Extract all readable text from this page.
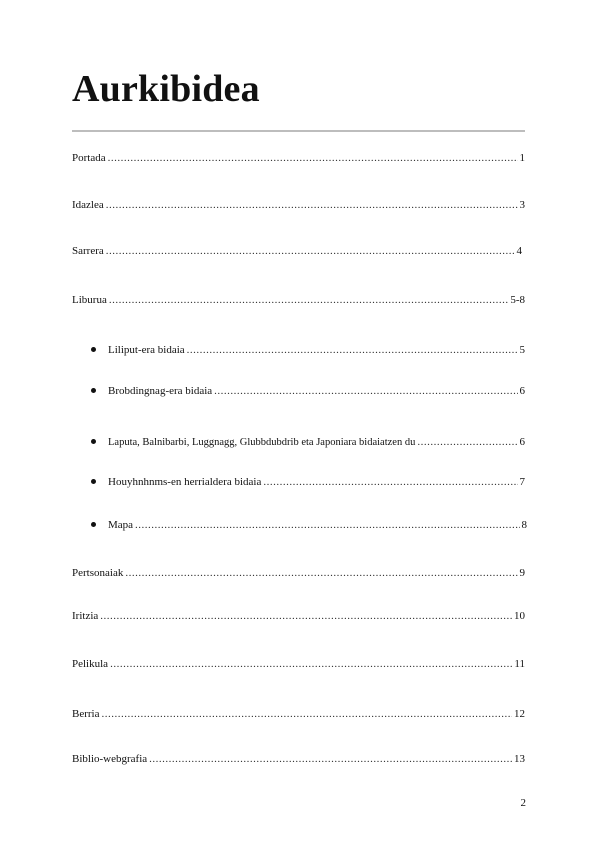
Aurkibidea
Portada .....	1
Idazlea .....	3
Sarrera .....	4
Liburua .....	5-8
Liliput-era bidaia .....	5
Brobdingnag-era bidaia .....	6
Laputa, Balnibarbi, Luggnagg, Glubbdubdrib eta Japoniara bidaiatzen du .....	6
Houyhnhnms-en herrialdera bidaia .....	7
Mapa .....	8
Pertsonaiak .....	9
Iritzia .....	10
Pelikula .....	11
Berria .....	12
Biblio-webgrafia .....	13
2
